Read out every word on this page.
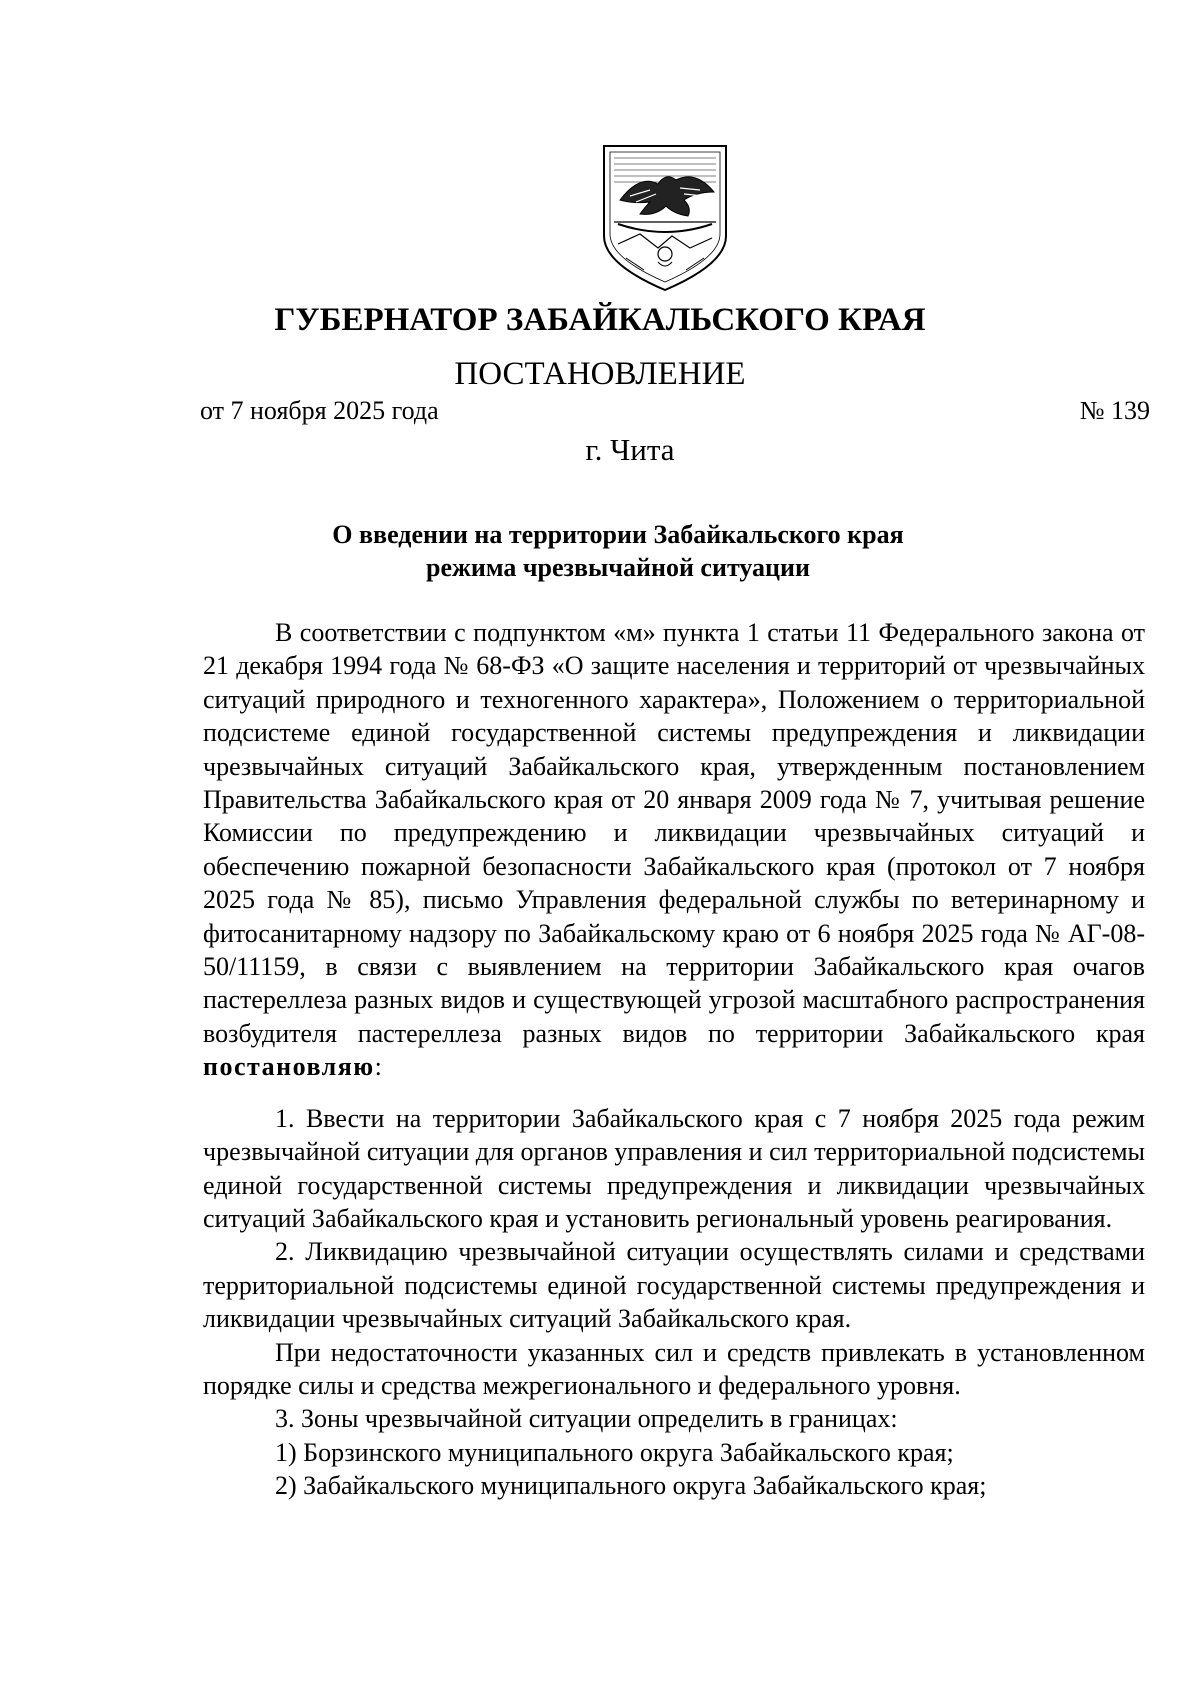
ГУБЕРНАТОР ЗАБАЙКАЛЬСКОГО КРАЯ
ПОСТАНОВЛЕНИЕ
от 7 ноября 2025 года	№ 139
г. Чита
О введении на территории Забайкальского края
режима чрезвычайной ситуации

В соответствии с подпунктом «м» пункта 1 статьи 11 Федерального закона от 21 декабря 1994 года № 68-ФЗ «О защите населения и территорий от чрезвычайных ситуаций природного и техногенного характера», Положением о территориальной подсистеме единой государственной системы предупреждения и ликвидации чрезвычайных ситуаций Забайкальского края, утвержденным постановлением Правительства Забайкальского края от 20 января 2009 года № 7, учитывая решение Комиссии по предупреждению и ликвидации чрезвычайных ситуаций и обеспечению пожарной безопасности Забайкальского края (протокол от 7 ноября 2025 года № 85), письмо Управления федеральной службы по ветеринарному и фитосанитарному надзору по Забайкальскому краю от 6 ноября 2025 года № АГ-08-50/11159, в связи с выявлением на территории Забайкальского края очагов пастереллеза разных видов и существующей угрозой масштабного распространения возбудителя пастереллеза разных видов по территории Забайкальского края постановляю:

1. Ввести на территории Забайкальского края с 7 ноября 2025 года режим чрезвычайной ситуации для органов управления и сил территориальной подсистемы единой государственной системы предупреждения и ликвидации чрезвычайных ситуаций Забайкальского края и установить региональный уровень реагирования.

2. Ликвидацию чрезвычайной ситуации осуществлять силами и средствами территориальной подсистемы единой государственной системы предупреждения и ликвидации чрезвычайных ситуаций Забайкальского края.

При недостаточности указанных сил и средств привлекать в установленном порядке силы и средства межрегионального и федерального уровня.

3. Зоны чрезвычайной ситуации определить в границах:

1) Борзинского муниципального округа Забайкальского края;

2) Забайкальского муниципального округа Забайкальского края;
